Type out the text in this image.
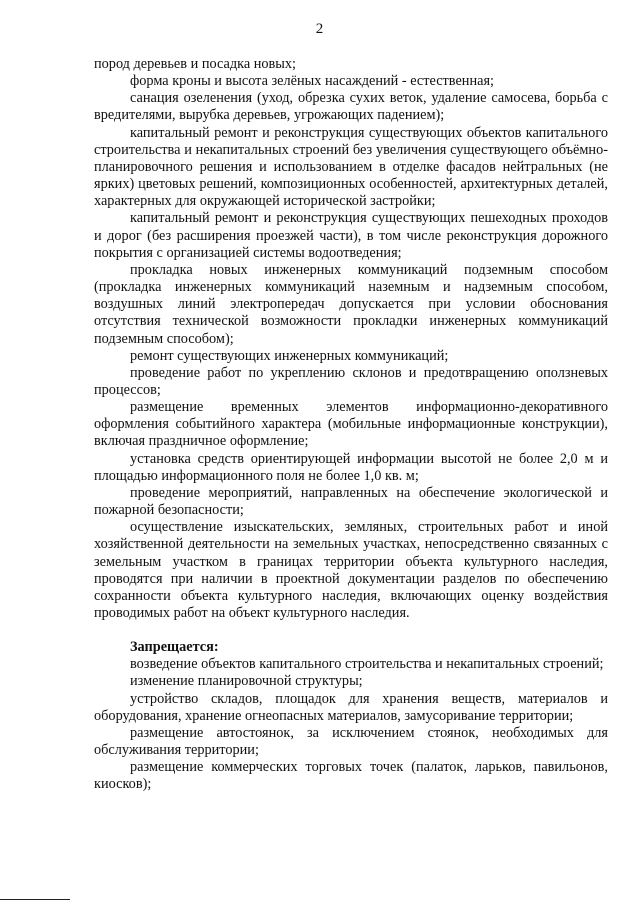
2

пород деревьев и посадка новых;

форма кроны и высота зелёных насаждений - естественная;

санация озеленения (уход, обрезка сухих веток, удаление самосева, борьба с вредителями, вырубка деревьев, угрожающих падением);

капитальный ремонт и реконструкция существующих объектов капитального строительства и некапитальных строений без увеличения существующего объёмно-планировочного решения и использованием в отделке фасадов нейтральных (не ярких) цветовых решений, композиционных особенностей, архитектурных деталей, характерных для окружающей исторической застройки;

капитальный ремонт и реконструкция существующих пешеходных проходов и дорог (без расширения проезжей части), в том числе реконструкция дорожного покрытия с организацией системы водоотведения;

прокладка новых инженерных коммуникаций подземным способом (прокладка инженерных коммуникаций наземным и надземным способом, воздушных линий электропередач допускается при условии обоснования отсутствия технической возможности прокладки инженерных коммуникаций подземным способом);

ремонт существующих инженерных коммуникаций;

проведение работ по укреплению склонов и предотвращению оползневых процессов;

размещение временных элементов информационно-декоративного оформления событийного характера (мобильные информационные конструкции), включая праздничное оформление;

установка средств ориентирующей информации высотой не более 2,0 м и площадью информационного поля не более 1,0 кв. м;

проведение мероприятий, направленных на обеспечение экологической и пожарной безопасности;

осуществление изыскательских, земляных, строительных работ и иной хозяйственной деятельности на земельных участках, непосредственно связанных с земельным участком в границах территории объекта культурного наследия, проводятся при наличии в проектной документации разделов по обеспечению сохранности объекта культурного наследия, включающих оценку воздействия проводимых работ на объект культурного наследия.

Запрещается:

возведение объектов капитального строительства и некапитальных строений;

изменение планировочной структуры;

устройство складов, площадок для хранения веществ, материалов и оборудования, хранение огнеопасных материалов, замусоривание территории;

размещение автостоянок, за исключением стоянок, необходимых для обслуживания территории;

размещение коммерческих торговых точек (палаток, ларьков, павильонов, киосков);
